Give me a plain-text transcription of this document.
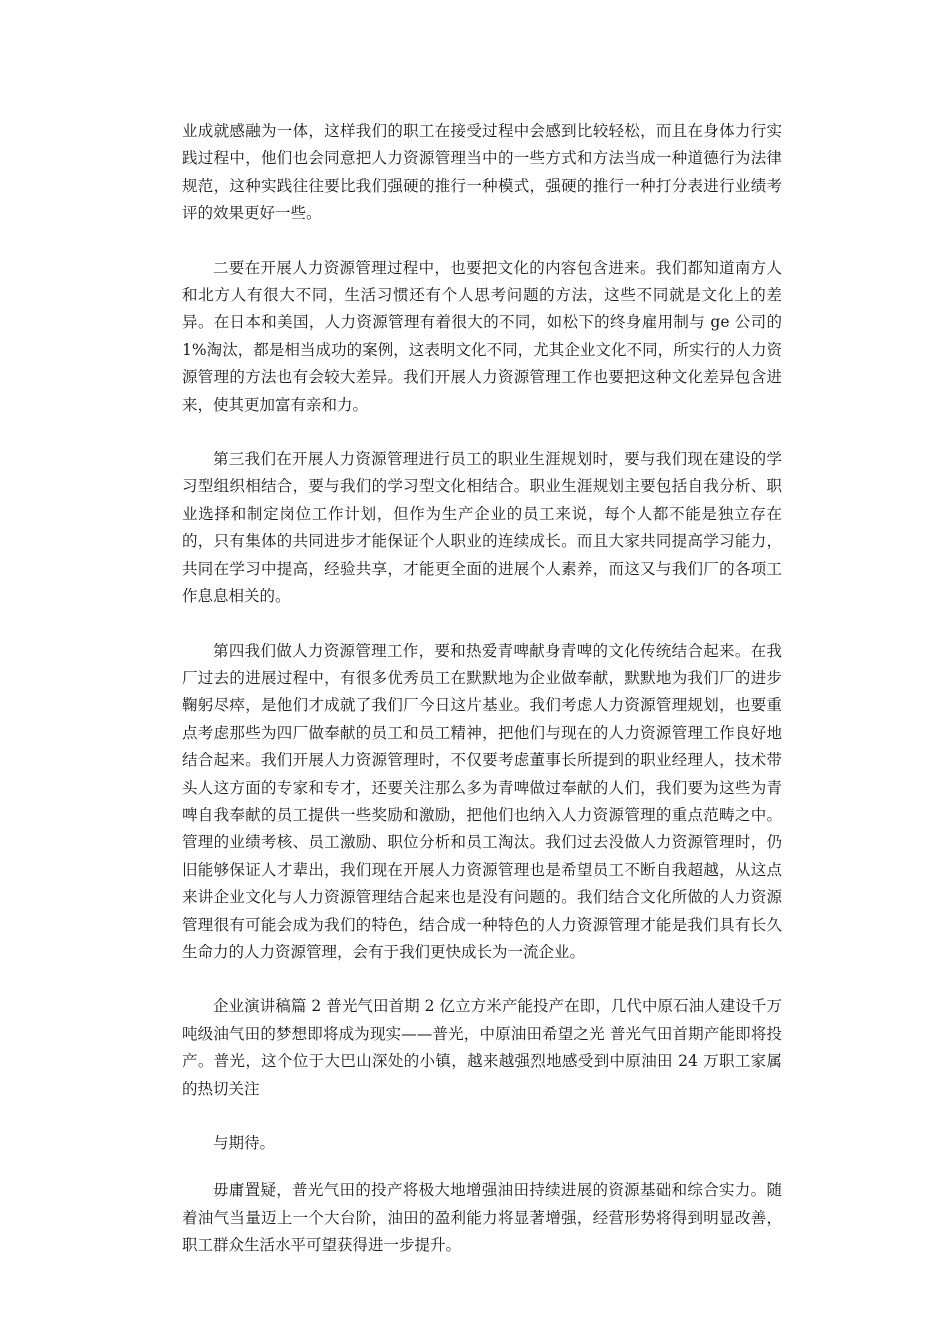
业成就感融为一体，这样我们的职工在接受过程中会感到比较轻松，而且在身体力行实践过程中，他们也会同意把人力资源管理当中的一些方式和方法当成一种道德行为法律规范，这种实践往往要比我们强硬的推行一种模式，强硬的推行一种打分表进行业绩考评的效果更好一些。

二要在开展人力资源管理过程中，也要把文化的内容包含进来。我们都知道南方人和北方人有很大不同，生活习惯还有个人思考问题的方法，这些不同就是文化上的差异。在日本和美国，人力资源管理有着很大的不同，如松下的终身雇用制与 ge 公司的 1%淘汰，都是相当成功的案例，这表明文化不同，尤其企业文化不同，所实行的人力资源管理的方法也有会较大差异。我们开展人力资源管理工作也要把这种文化差异包含进来，使其更加富有亲和力。

第三我们在开展人力资源管理进行员工的职业生涯规划时，要与我们现在建设的学习型组织相结合，要与我们的学习型文化相结合。职业生涯规划主要包括自我分析、职业选择和制定岗位工作计划，但作为生产企业的员工来说，每个人都不能是独立存在的，只有集体的共同进步才能保证个人职业的连续成长。而且大家共同提高学习能力，共同在学习中提高，经验共享，才能更全面的进展个人素养，而这又与我们厂的各项工作息息相关的。

第四我们做人力资源管理工作，要和热爱青啤献身青啤的文化传统结合起来。在我厂过去的进展过程中，有很多优秀员工在默默地为企业做奉献，默默地为我们厂的进步鞠躬尽瘁，是他们才成就了我们厂今日这片基业。我们考虑人力资源管理规划，也要重点考虑那些为四厂做奉献的员工和员工精神，把他们与现在的人力资源管理工作良好地结合起来。我们开展人力资源管理时，不仅要考虑董事长所提到的职业经理人，技术带头人这方面的专家和专才，还要关注那么多为青啤做过奉献的人们，我们要为这些为青啤自我奉献的员工提供一些奖励和激励，把他们也纳入人力资源管理的重点范畴之中。管理的业绩考核、员工激励、职位分析和员工淘汰。我们过去没做人力资源管理时，仍旧能够保证人才辈出，我们现在开展人力资源管理也是希望员工不断自我超越，从这点来讲企业文化与人力资源管理结合起来也是没有问题的。我们结合文化所做的人力资源管理很有可能会成为我们的特色，结合成一种特色的人力资源管理才能是我们具有长久生命力的人力资源管理，会有于我们更快成长为一流企业。

企业演讲稿篇 2 普光气田首期 2 亿立方米产能投产在即，几代中原石油人建设千万吨级油气田的梦想即将成为现实——普光，中原油田希望之光 普光气田首期产能即将投产。普光，这个位于大巴山深处的小镇，越来越强烈地感受到中原油田 24 万职工家属的热切关注

与期待。

毋庸置疑，普光气田的投产将极大地增强油田持续进展的资源基础和综合实力。随着油气当量迈上一个大台阶，油田的盈利能力将显著增强，经营形势将得到明显改善，职工群众生活水平可望获得进一步提升。
